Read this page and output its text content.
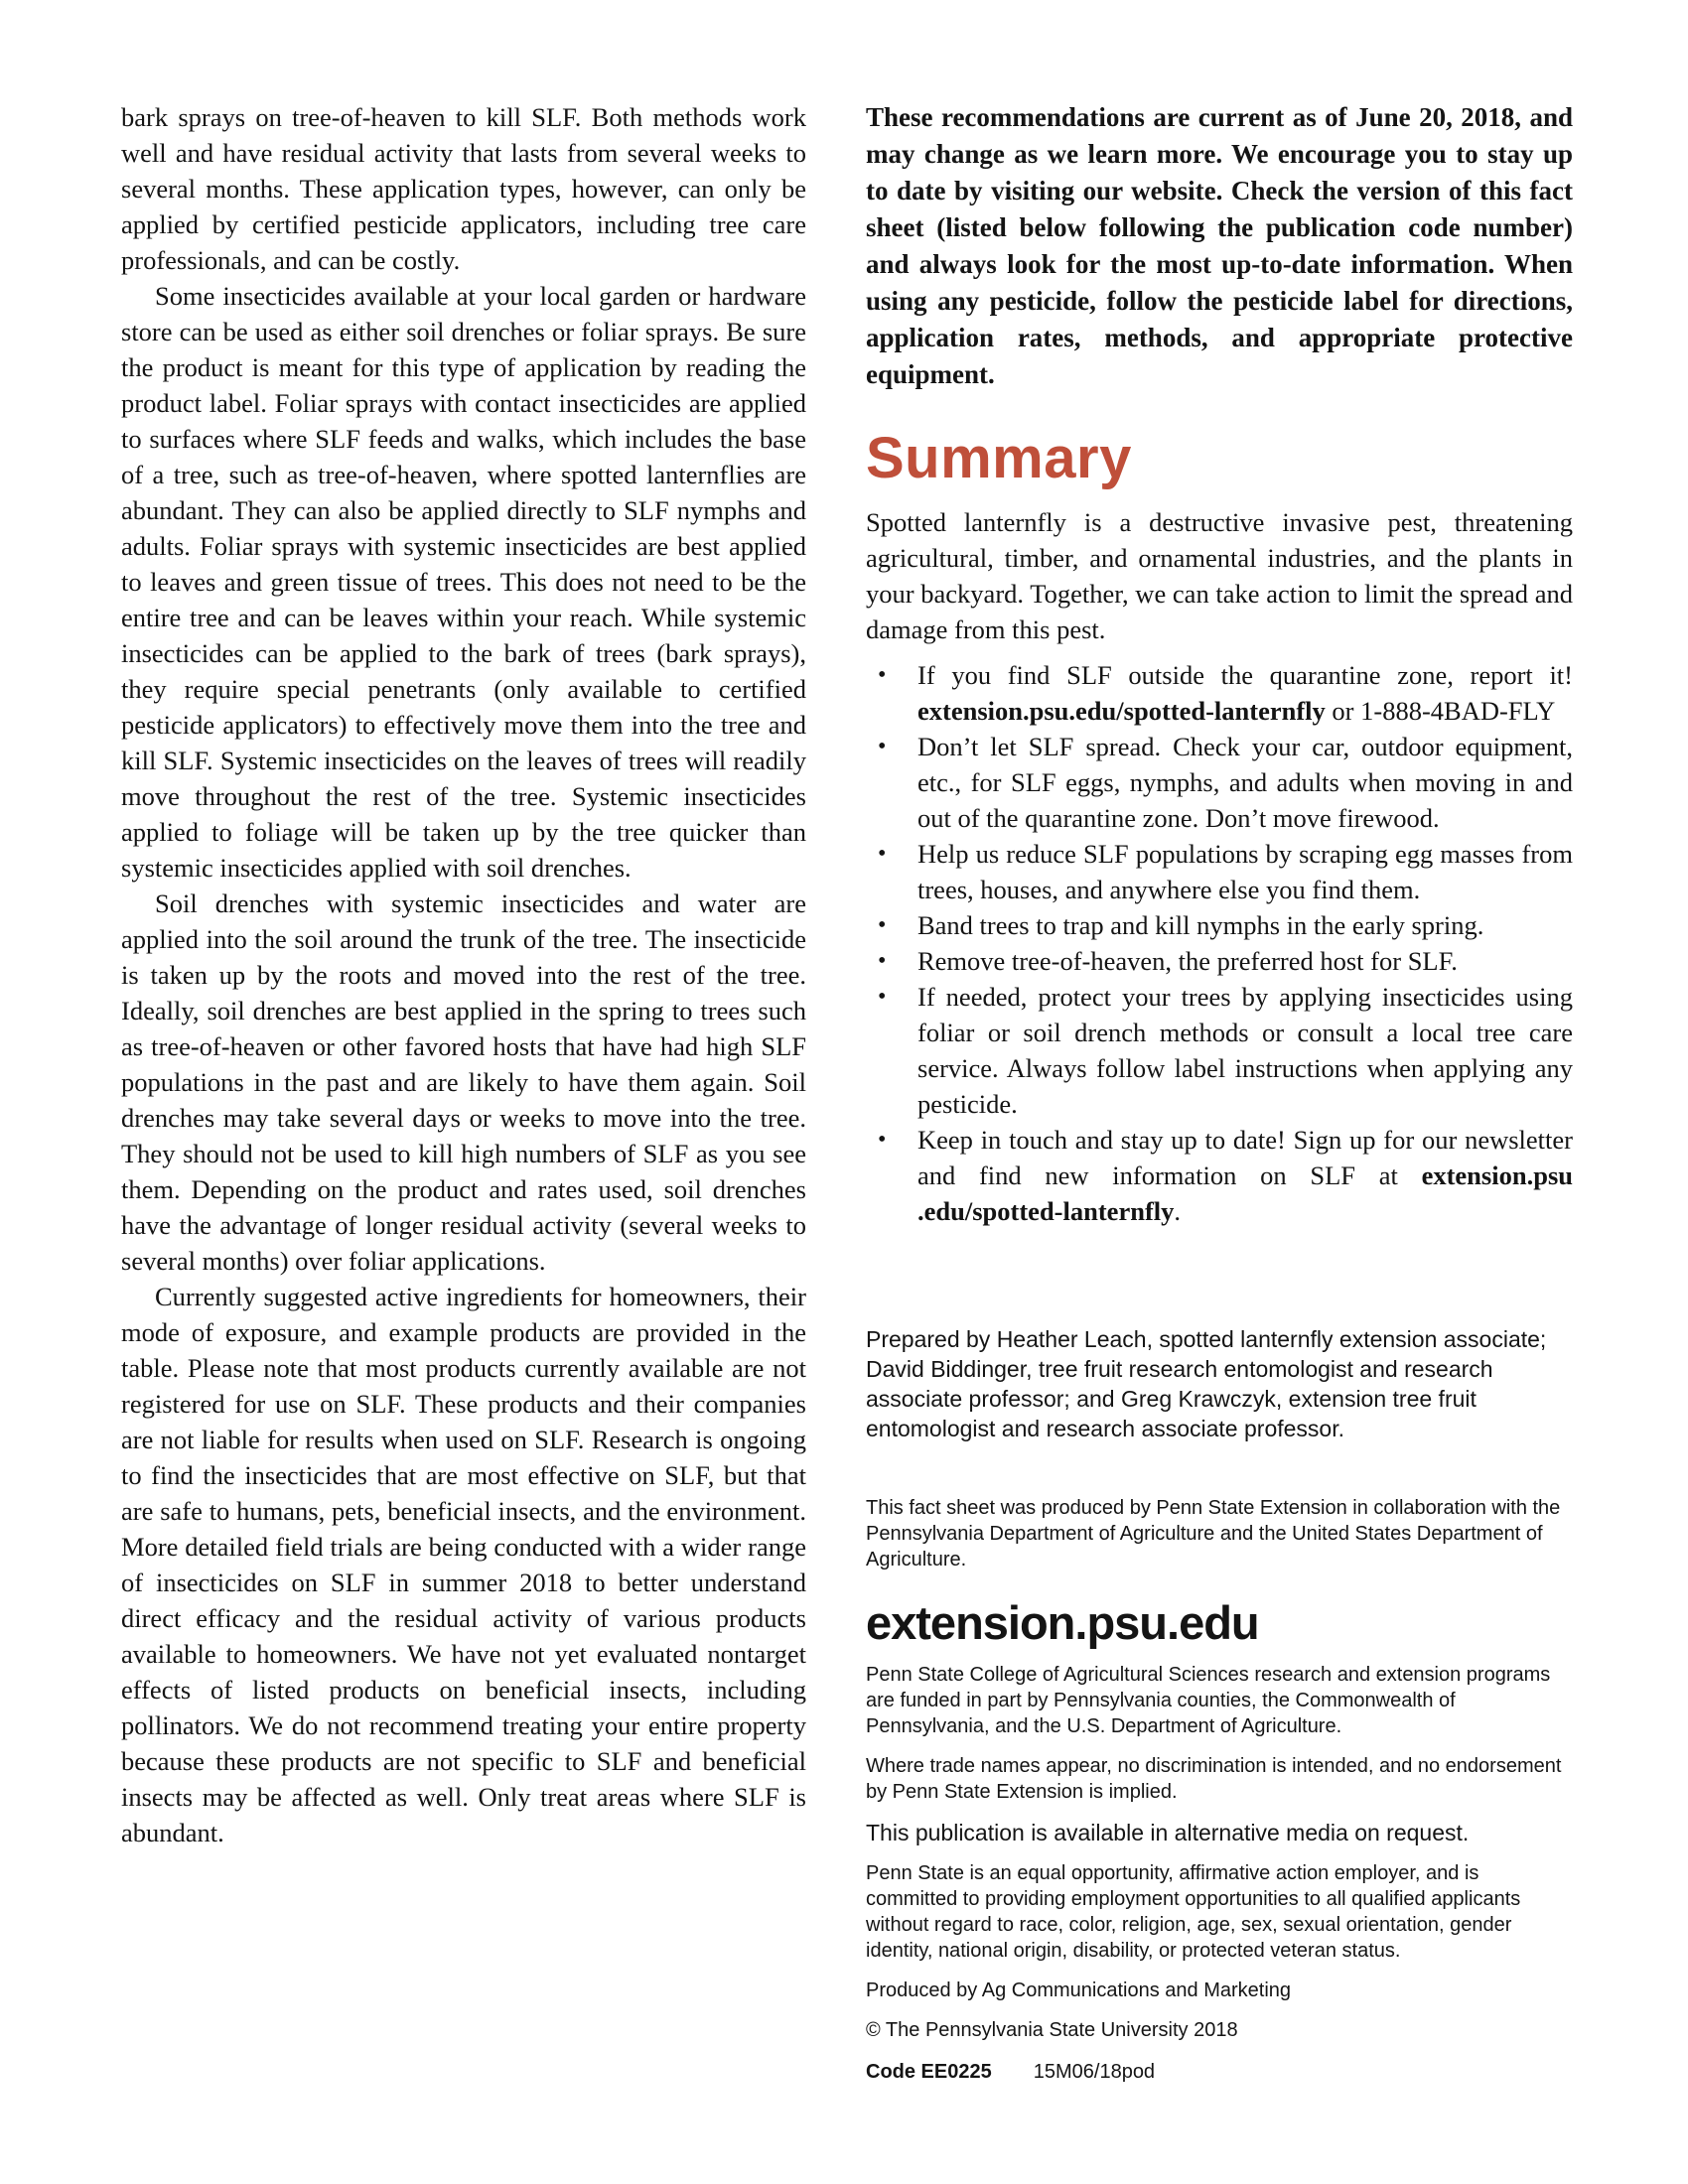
bark sprays on tree-of-heaven to kill SLF. Both methods work well and have residual activity that lasts from several weeks to several months. These application types, however, can only be applied by certified pesticide applicators, including tree care professionals, and can be costly.

Some insecticides available at your local garden or hardware store can be used as either soil drenches or foliar sprays. Be sure the product is meant for this type of application by reading the product label. Foliar sprays with contact insecticides are applied to surfaces where SLF feeds and walks, which includes the base of a tree, such as tree-of-heaven, where spotted lanternflies are abundant. They can also be applied directly to SLF nymphs and adults. Foliar sprays with systemic insecticides are best applied to leaves and green tissue of trees. This does not need to be the entire tree and can be leaves within your reach. While systemic insecticides can be applied to the bark of trees (bark sprays), they require special penetrants (only available to certified pesticide applicators) to effectively move them into the tree and kill SLF. Systemic insecticides on the leaves of trees will readily move throughout the rest of the tree. Systemic insecticides applied to foliage will be taken up by the tree quicker than systemic insecticides applied with soil drenches.

Soil drenches with systemic insecticides and water are applied into the soil around the trunk of the tree. The insecticide is taken up by the roots and moved into the rest of the tree. Ideally, soil drenches are best applied in the spring to trees such as tree-of-heaven or other favored hosts that have had high SLF populations in the past and are likely to have them again. Soil drenches may take several days or weeks to move into the tree. They should not be used to kill high numbers of SLF as you see them. Depending on the product and rates used, soil drenches have the advantage of longer residual activity (several weeks to several months) over foliar applications.

Currently suggested active ingredients for homeowners, their mode of exposure, and example products are provided in the table. Please note that most products currently available are not registered for use on SLF. These products and their companies are not liable for results when used on SLF. Research is ongoing to find the insecticides that are most effective on SLF, but that are safe to humans, pets, beneficial insects, and the environment. More detailed field trials are being conducted with a wider range of insecticides on SLF in summer 2018 to better understand direct efficacy and the residual activity of various products available to homeowners. We have not yet evaluated nontarget effects of listed products on beneficial insects, including pollinators. We do not recommend treating your entire property because these products are not specific to SLF and beneficial insects may be affected as well. Only treat areas where SLF is abundant.

These recommendations are current as of June 20, 2018, and may change as we learn more. We encourage you to stay up to date by visiting our website. Check the version of this fact sheet (listed below following the publication code number) and always look for the most up-to-date information. When using any pesticide, follow the pesticide label for directions, application rates, methods, and appropriate protective equipment.

Summary

Spotted lanternfly is a destructive invasive pest, threatening agricultural, timber, and ornamental industries, and the plants in your backyard. Together, we can take action to limit the spread and damage from this pest.

• If you find SLF outside the quarantine zone, report it! extension.psu.edu/spotted-lanternfly or 1-888-4BAD-FLY
• Don’t let SLF spread. Check your car, outdoor equipment, etc., for SLF eggs, nymphs, and adults when moving in and out of the quarantine zone. Don’t move firewood.
• Help us reduce SLF populations by scraping egg masses from trees, houses, and anywhere else you find them.
• Band trees to trap and kill nymphs in the early spring.
• Remove tree-of-heaven, the preferred host for SLF.
• If needed, protect your trees by applying insecticides using foliar or soil drench methods or consult a local tree care service. Always follow label instructions when applying any pesticide.
• Keep in touch and stay up to date! Sign up for our newsletter and find new information on SLF at extension.psu​.edu/spotted-lanternfly.

Prepared by Heather Leach, spotted lanternfly extension associate; David Biddinger, tree fruit research entomologist and research associate professor; and Greg Krawczyk, extension tree fruit entomologist and research associate professor.

This fact sheet was produced by Penn State Extension in collaboration with the Pennsylvania Department of Agriculture and the United States Department of Agriculture.

extension.psu.edu

Penn State College of Agricultural Sciences research and extension programs are funded in part by Pennsylvania counties, the Commonwealth of Pennsylvania, and the U.S. Department of Agriculture.

Where trade names appear, no discrimination is intended, and no endorsement by Penn State Extension is implied.

This publication is available in alternative media on request.

Penn State is an equal opportunity, affirmative action employer, and is committed to providing employment opportunities to all qualified applicants without regard to race, color, religion, age, sex, sexual orientation, gender identity, national origin, disability, or protected veteran status.

Produced by Ag Communications and Marketing

© The Pennsylvania State University 2018

Code EE0225 15M06/18pod
